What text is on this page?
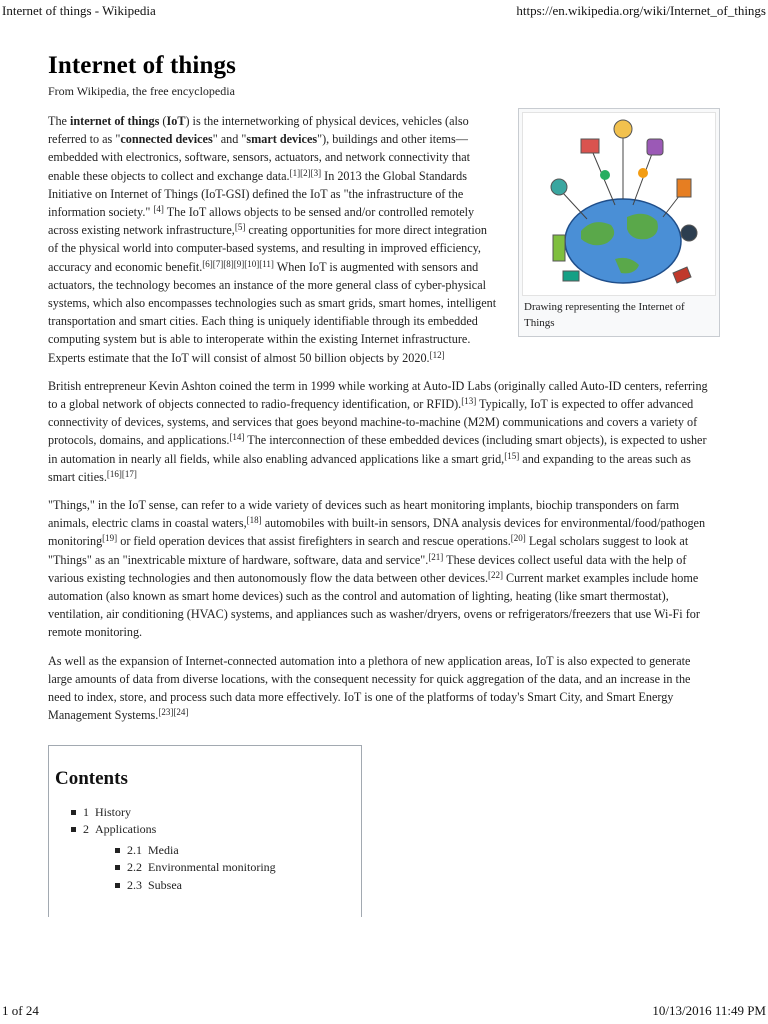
Internet of things - Wikipedia	https://en.wikipedia.org/wiki/Internet_of_things
Internet of things
From Wikipedia, the free encyclopedia
Drawing representing the Internet of Things

The internet of things (IoT) is the internetworking of physical devices, vehicles (also referred to as "connected devices" and "smart devices"), buildings and other items—embedded with electronics, software, sensors, actuators, and network connectivity that enable these objects to collect and exchange data.[1][2][3] In 2013 the Global Standards Initiative on Internet of Things (IoT-GSI) defined the IoT as "the infrastructure of the information society." [4] The IoT allows objects to be sensed and/or controlled remotely across existing network infrastructure,[5] creating opportunities for more direct integration of the physical world into computer-based systems, and resulting in improved efficiency, accuracy and economic benefit.[6][7][8][9][10][11] When IoT is augmented with sensors and actuators, the technology becomes an instance of the more general class of cyber-physical systems, which also encompasses technologies such as smart grids, smart homes, intelligent transportation and smart cities. Each thing is uniquely identifiable through its embedded computing system but is able to interoperate within the existing Internet infrastructure. Experts estimate that the IoT will consist of almost 50 billion objects by 2020.[12]

British entrepreneur Kevin Ashton coined the term in 1999 while working at Auto-ID Labs (originally called Auto-ID centers, referring to a global network of objects connected to radio-frequency identification, or RFID).[13] Typically, IoT is expected to offer advanced connectivity of devices, systems, and services that goes beyond machine-to-machine (M2M) communications and covers a variety of protocols, domains, and applications.[14] The interconnection of these embedded devices (including smart objects), is expected to usher in automation in nearly all fields, while also enabling advanced applications like a smart grid,[15] and expanding to the areas such as smart cities.[16][17]

"Things," in the IoT sense, can refer to a wide variety of devices such as heart monitoring implants, biochip transponders on farm animals, electric clams in coastal waters,[18] automobiles with built-in sensors, DNA analysis devices for environmental/food/pathogen monitoring[19] or field operation devices that assist firefighters in search and rescue operations.[20] Legal scholars suggest to look at "Things" as an "inextricable mixture of hardware, software, data and service".[21] These devices collect useful data with the help of various existing technologies and then autonomously flow the data between other devices.[22] Current market examples include home automation (also known as smart home devices) such as the control and automation of lighting, heating (like smart thermostat), ventilation, air conditioning (HVAC) systems, and appliances such as washer/dryers, ovens or refrigerators/freezers that use Wi-Fi for remote monitoring.

As well as the expansion of Internet-connected automation into a plethora of new application areas, IoT is also expected to generate large amounts of data from diverse locations, with the consequent necessity for quick aggregation of the data, and an increase in the need to index, store, and process such data more effectively. IoT is one of the platforms of today's Smart City, and Smart Energy Management Systems.[23][24]

Contents
1 History
2 Applications
2.1 Media
2.2 Environmental monitoring
2.3 Subsea
1 of 24	10/13/2016 11:49 PM
